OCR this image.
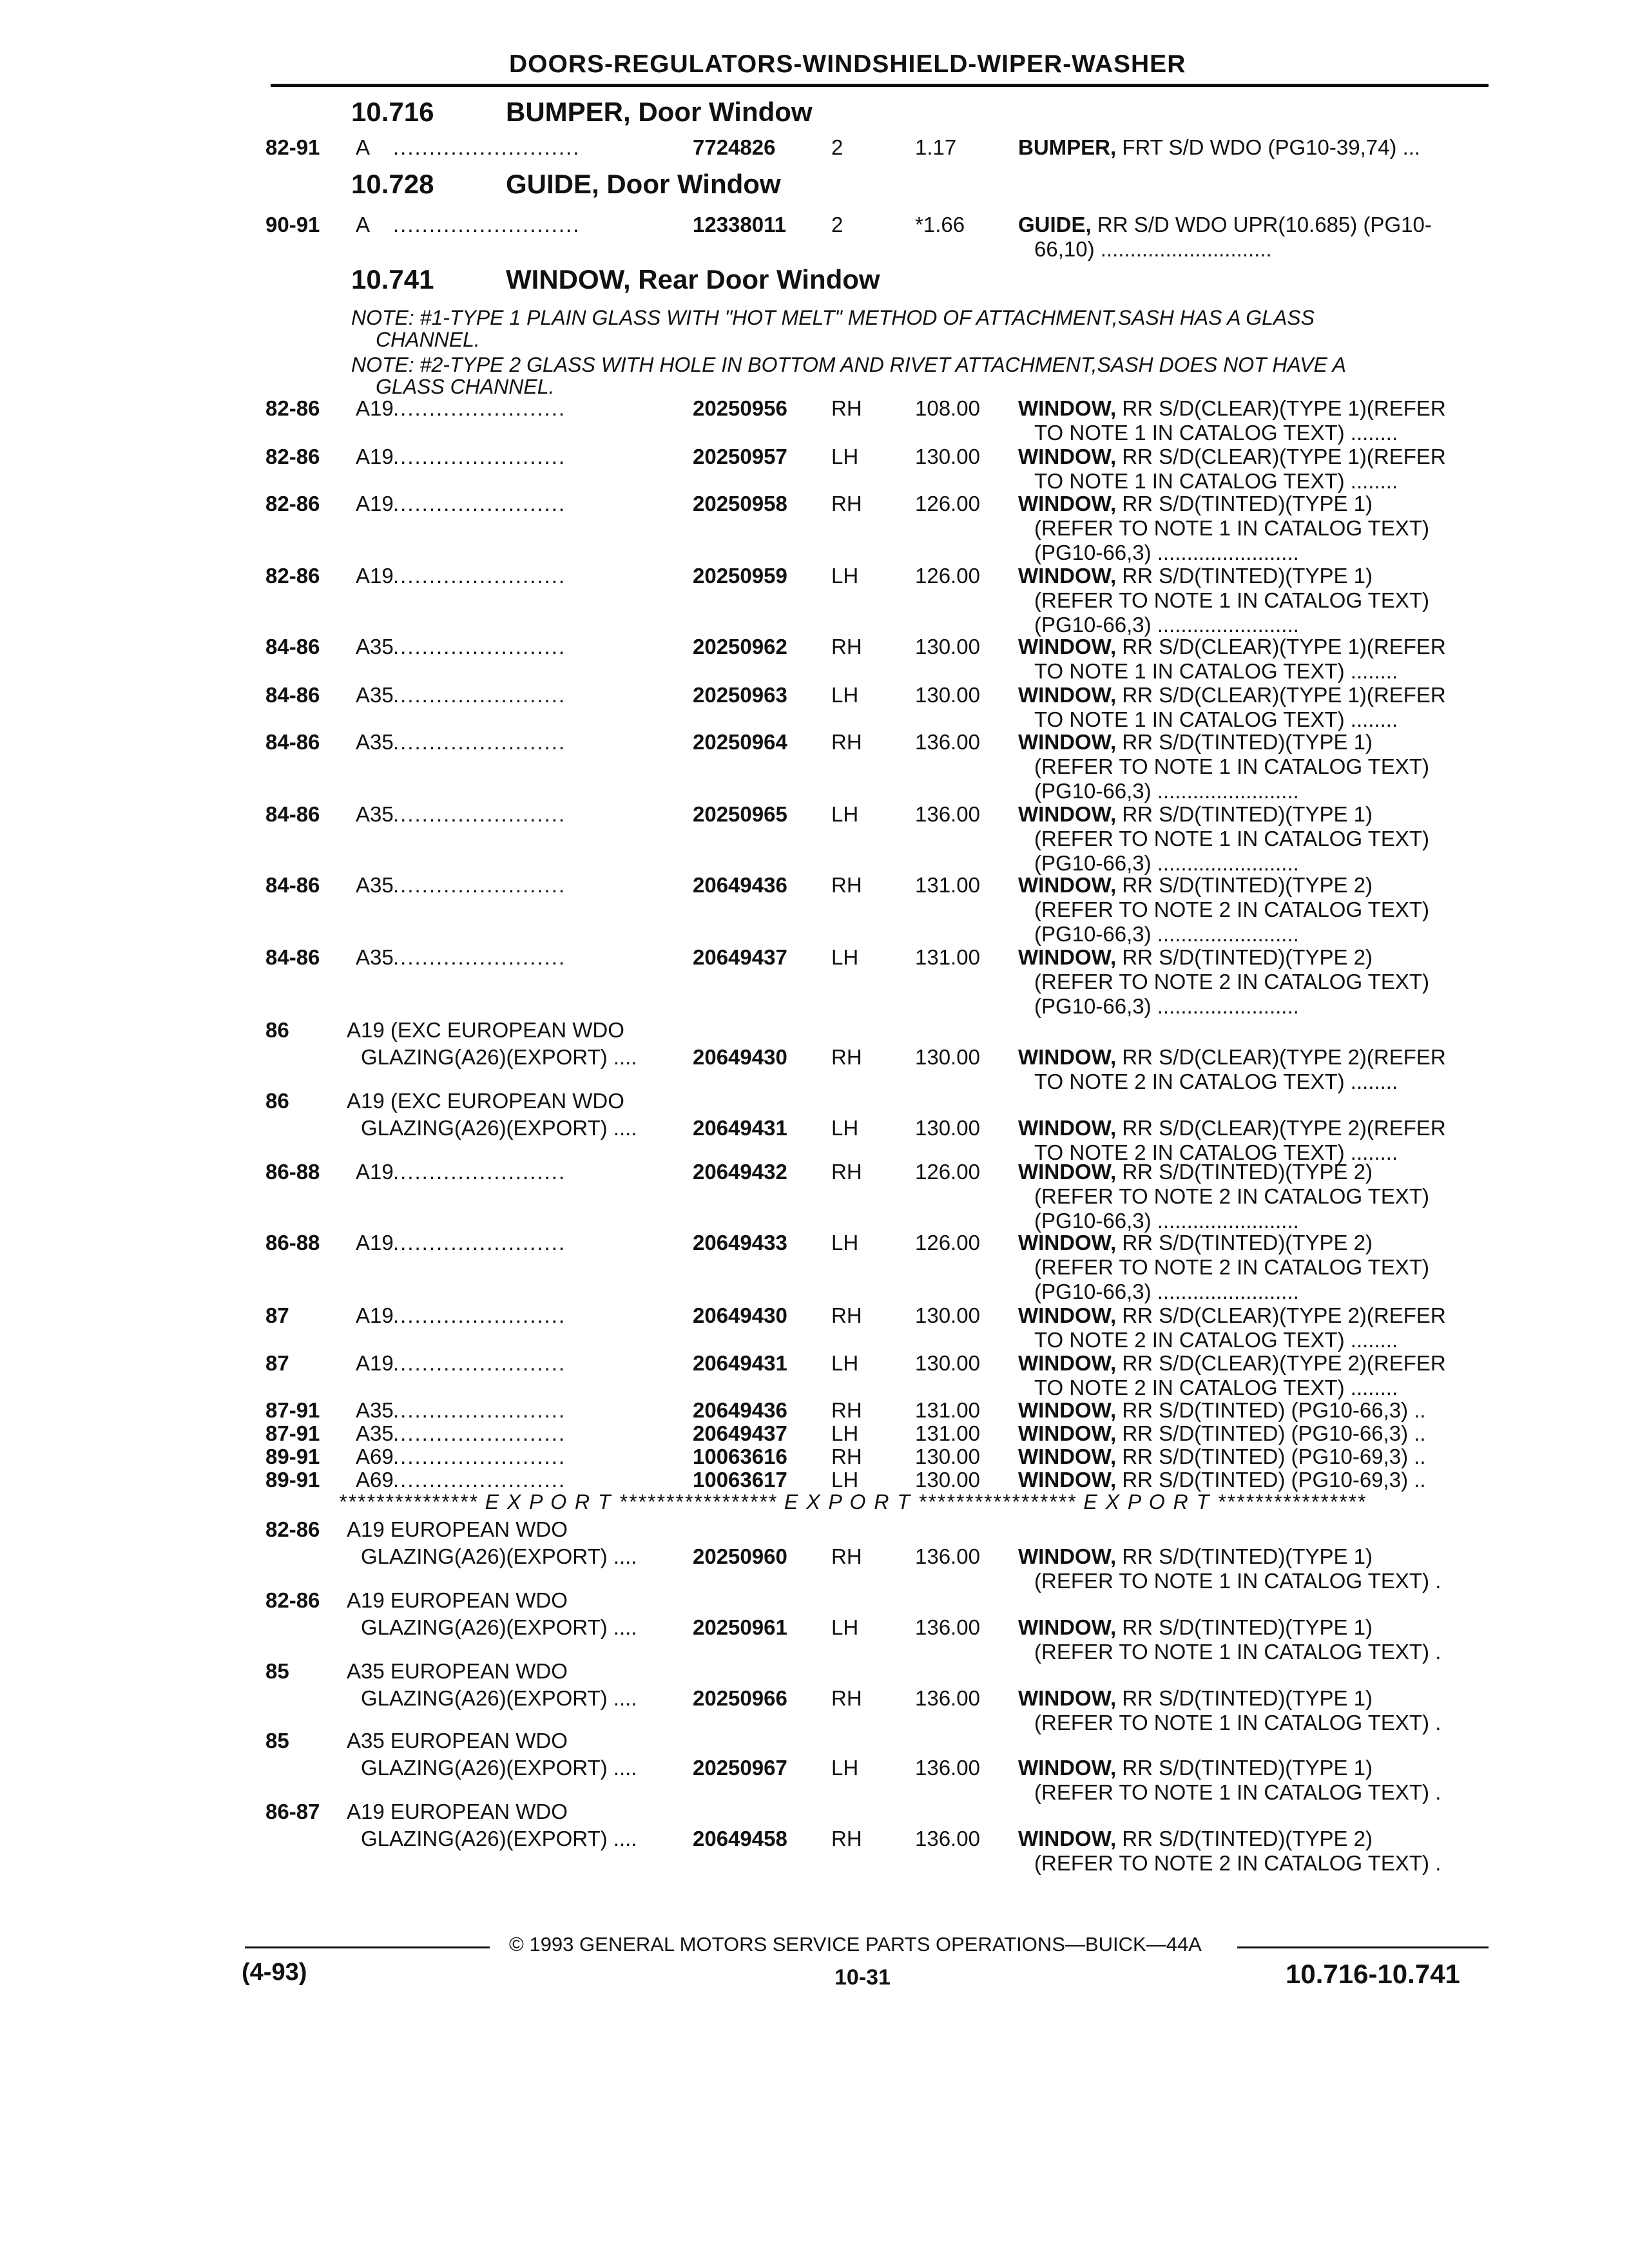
DOORS-REGULATORS-WINDSHIELD-WIPER-WASHER
10.716	BUMPER, Door Window
10.728	GUIDE, Door Window
10.741	WINDOW, Rear Door Window
NOTE: #1-TYPE 1 PLAIN GLASS WITH "HOT MELT" METHOD OF ATTACHMENT,SASH HAS A GLASS
CHANNEL.
NOTE: #2-TYPE 2 GLASS WITH HOLE IN BOTTOM AND RIVET ATTACHMENT,SASH DOES NOT HAVE A
GLASS CHANNEL.
82-91 A ..........................	7724826	2	1.17	BUMPER, FRT S/D WDO (PG10-39,74) ...
90-91 A ..........................	12338011 2	*1.66	GUIDE, RR S/D WDO UPR(10.685) (PG10-
66,10) .............................
82-86 A19 ........................	20250956 RH 108.00 WINDOW, RR S/D(CLEAR)(TYPE 1)(REFER
TO NOTE 1 IN CATALOG TEXT) ........
82-86 A19 ........................	20250957 LH	130.00 WINDOW, RR S/D(CLEAR)(TYPE 1)(REFER
TO NOTE 1 IN CATALOG TEXT) ........
82-86 A19 ........................	20250958 RH 126.00 WINDOW, RR S/D(TINTED)(TYPE 1)
(REFER TO NOTE 1 IN CATALOG TEXT)
(PG10-66,3) ........................
82-86 A19 ........................	20250959 LH	126.00 WINDOW, RR S/D(TINTED)(TYPE 1)
(REFER TO NOTE 1 IN CATALOG TEXT)
(PG10-66,3) ........................
84-86 A35 ........................	20250962 RH 130.00 WINDOW, RR S/D(CLEAR)(TYPE 1)(REFER
TO NOTE 1 IN CATALOG TEXT) ........
84-86 A35 ........................	20250963 LH	130.00 WINDOW, RR S/D(CLEAR)(TYPE 1)(REFER
TO NOTE 1 IN CATALOG TEXT) ........
84-86 A35 ........................	20250964 RH 136.00 WINDOW, RR S/D(TINTED)(TYPE 1)
(REFER TO NOTE 1 IN CATALOG TEXT)
(PG10-66,3) ........................
84-86 A35 ........................	20250965 LH	136.00 WINDOW, RR S/D(TINTED)(TYPE 1)
(REFER TO NOTE 1 IN CATALOG TEXT)
(PG10-66,3) ........................
84-86 A35 ........................	20649436 RH 131.00 WINDOW, RR S/D(TINTED)(TYPE 2)
(REFER TO NOTE 2 IN CATALOG TEXT)
(PG10-66,3) ........................
84-86 A35 ........................	20649437 LH	131.00 WINDOW, RR S/D(TINTED)(TYPE 2)
(REFER TO NOTE 2 IN CATALOG TEXT)
(PG10-66,3) ........................
86	A19 (EXC EUROPEAN WDO
GLAZING(A26)(EXPORT) ....	20649430 RH 130.00 WINDOW, RR S/D(CLEAR)(TYPE 2)(REFER
TO NOTE 2 IN CATALOG TEXT) ........
86	A19 (EXC EUROPEAN WDO
GLAZING(A26)(EXPORT) ....	20649431 LH	130.00 WINDOW, RR S/D(CLEAR)(TYPE 2)(REFER
TO NOTE 2 IN CATALOG TEXT) ........
86-88 A19 ........................	20649432 RH 126.00 WINDOW, RR S/D(TINTED)(TYPE 2)
(REFER TO NOTE 2 IN CATALOG TEXT)
(PG10-66,3) ........................
86-88 A19 ........................	20649433 LH	126.00 WINDOW, RR S/D(TINTED)(TYPE 2)
(REFER TO NOTE 2 IN CATALOG TEXT)
(PG10-66,3) ........................
87	A19 ........................	20649430 RH 130.00 WINDOW, RR S/D(CLEAR)(TYPE 2)(REFER
TO NOTE 2 IN CATALOG TEXT) ........
87	A19 ........................	20649431 LH	130.00 WINDOW, RR S/D(CLEAR)(TYPE 2)(REFER
TO NOTE 2 IN CATALOG TEXT) ........
87-91 A35 ........................	20649436 RH 131.00 WINDOW, RR S/D(TINTED) (PG10-66,3) ..
87-91 A35 ........................	20649437 LH	131.00 WINDOW, RR S/D(TINTED) (PG10-66,3) ..
89-91 A69 ........................	10063616 RH 130.00 WINDOW, RR S/D(TINTED) (PG10-69,3) ..
89-91 A69 ........................	10063617 LH	130.00 WINDOW, RR S/D(TINTED) (PG10-69,3) ..
*************** E X P O R T ***************** E X P O R T ***************** E X P O R T ****************
82-86 A19 EUROPEAN WDO
GLAZING(A26)(EXPORT) ....	20250960 RH 136.00 WINDOW, RR S/D(TINTED)(TYPE 1)
(REFER TO NOTE 1 IN CATALOG TEXT) .
82-86 A19 EUROPEAN WDO
GLAZING(A26)(EXPORT) ....	20250961 LH	136.00 WINDOW, RR S/D(TINTED)(TYPE 1)
(REFER TO NOTE 1 IN CATALOG TEXT) .
85	A35 EUROPEAN WDO
GLAZING(A26)(EXPORT) ....	20250966 RH 136.00 WINDOW, RR S/D(TINTED)(TYPE 1)
(REFER TO NOTE 1 IN CATALOG TEXT) .
85	A35 EUROPEAN WDO
GLAZING(A26)(EXPORT) ....	20250967 LH	136.00 WINDOW, RR S/D(TINTED)(TYPE 1)
(REFER TO NOTE 1 IN CATALOG TEXT) .
86-87 A19 EUROPEAN WDO
GLAZING(A26)(EXPORT) ....	20649458 RH 136.00 WINDOW, RR S/D(TINTED)(TYPE 2)
(REFER TO NOTE 2 IN CATALOG TEXT) .
© 1993 GENERAL MOTORS SERVICE PARTS OPERATIONS—BUICK—44A
(4-93)	10-31	10.716-10.741
